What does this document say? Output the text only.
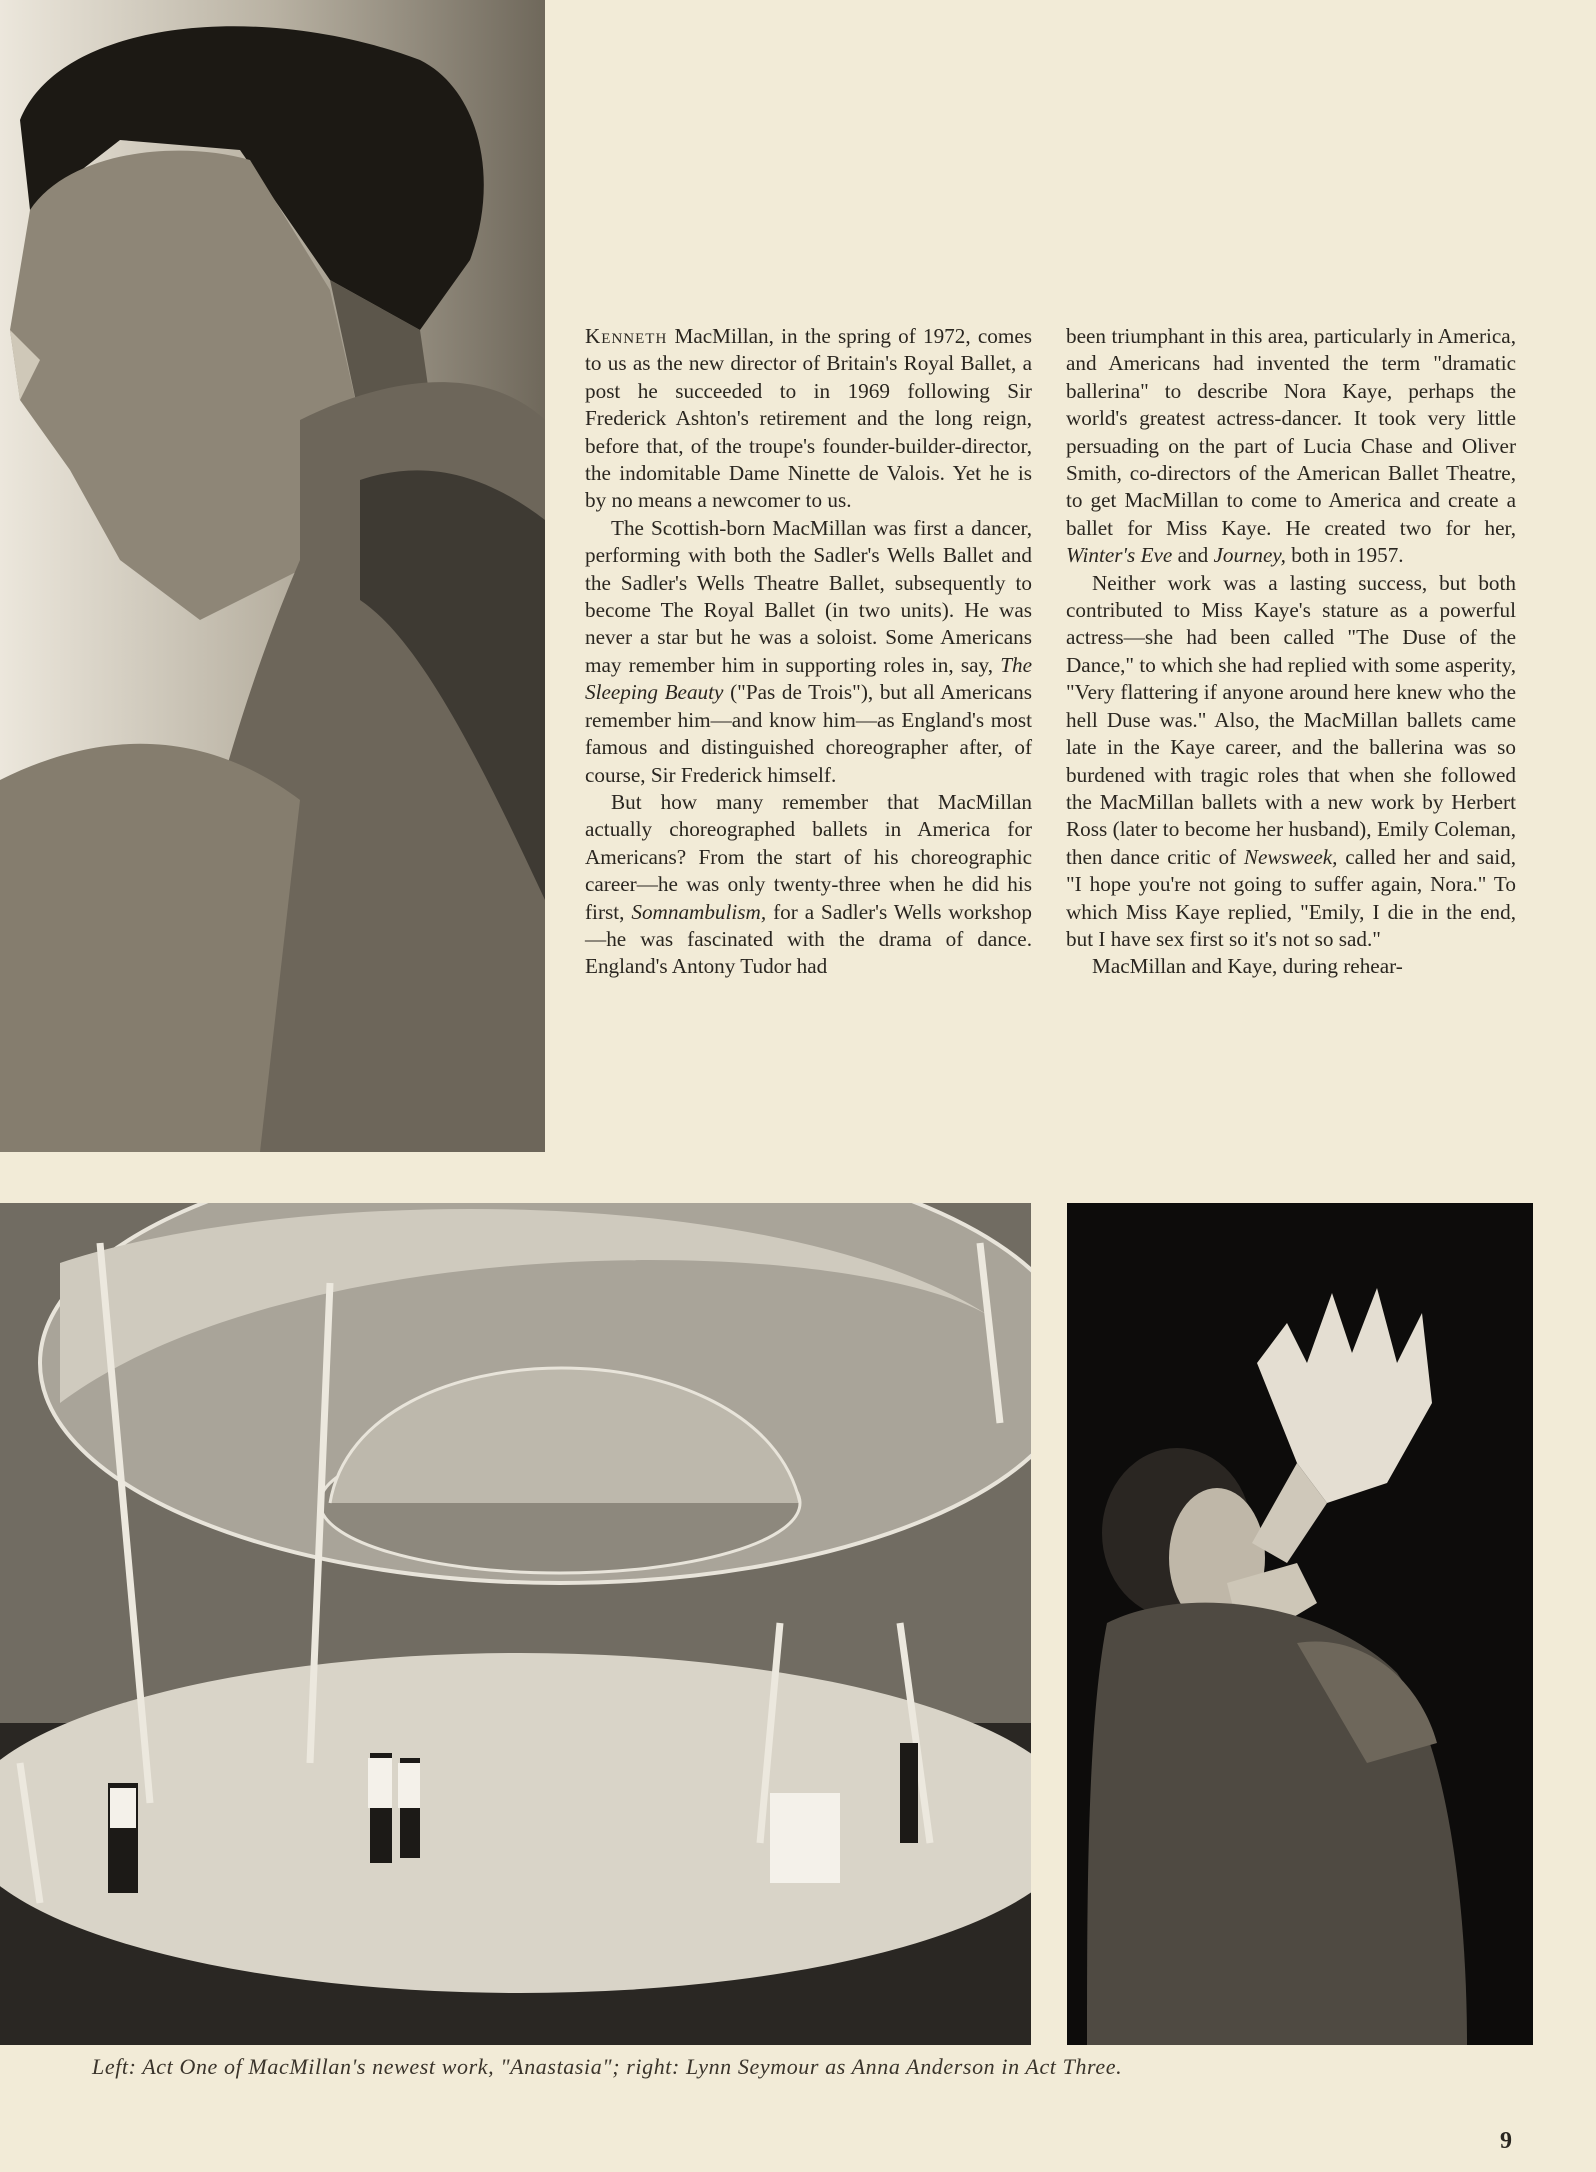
Kenneth MacMillan, in the spring of 1972, comes to us as the new director of Britain's Royal Ballet, a post he succeeded to in 1969 following Sir Frederick Ashton's retirement and the long reign, before that, of the troupe's founder-builder-director, the indomitable Dame Ninette de Valois. Yet he is by no means a newcomer to us.

The Scottish-born MacMillan was first a dancer, performing with both the Sadler's Wells Ballet and the Sadler's Wells Theatre Ballet, subsequently to become The Royal Ballet (in two units). He was never a star but he was a soloist. Some Americans may remember him in supporting roles in, say, The Sleeping Beauty ("Pas de Trois"), but all Americans remember him—and know him—as England's most famous and distinguished choreographer after, of course, Sir Frederick himself.

But how many remember that MacMillan actually choreographed ballets in America for Americans? From the start of his choreographic career—he was only twenty-three when he did his first, Somnambulism, for a Sadler's Wells workshop—he was fascinated with the drama of dance. England's Antony Tudor had

been triumphant in this area, particularly in America, and Americans had invented the term "dramatic ballerina" to describe Nora Kaye, perhaps the world's greatest actress-dancer. It took very little persuading on the part of Lucia Chase and Oliver Smith, co-directors of the American Ballet Theatre, to get MacMillan to come to America and create a ballet for Miss Kaye. He created two for her, Winter's Eve and Journey, both in 1957.

Neither work was a lasting success, but both contributed to Miss Kaye's stature as a powerful actress—she had been called "The Duse of the Dance," to which she had replied with some asperity, "Very flattering if anyone around here knew who the hell Duse was." Also, the MacMillan ballets came late in the Kaye career, and the ballerina was so burdened with tragic roles that when she followed the MacMillan ballets with a new work by Herbert Ross (later to become her husband), Emily Coleman, then dance critic of Newsweek, called her and said, "I hope you're not going to suffer again, Nora." To which Miss Kaye replied, "Emily, I die in the end, but I have sex first so it's not so sad."

MacMillan and Kaye, during rehear-

Left: Act One of MacMillan's newest work, "Anastasia"; right: Lynn Seymour as Anna Anderson in Act Three.
9
